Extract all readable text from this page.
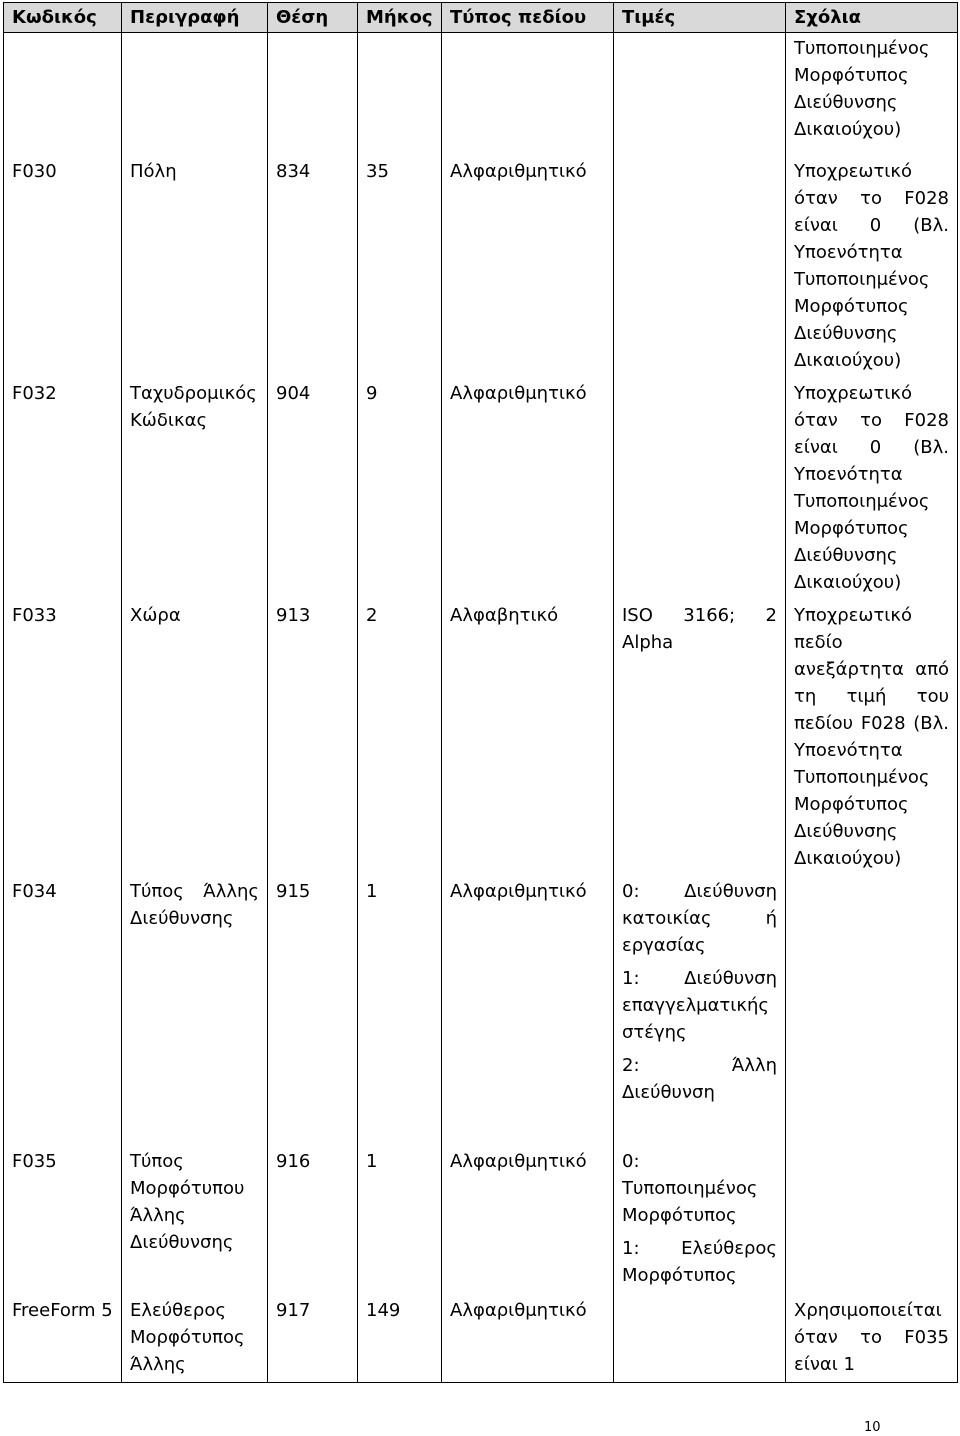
Κωδικός	Περιγραφή	Θέση	Μήκος	Τύπος πεδίου	Τιμές	Σχόλια
						Τυποποιημένος Μορφότυπος Διεύθυνσης Δικαιούχου)
F030	Πόλη	834	35	Αλφαριθμητικό		Υποχρεωτικό όταν το F028 είναι 0 (Βλ. Υποενότητα Τυποποιημένος Μορφότυπος Διεύθυνσης Δικαιούχου)
F032	Ταχυδρομικός Κώδικας	904	9	Αλφαριθμητικό		Υποχρεωτικό όταν το F028 είναι 0 (Βλ. Υποενότητα Τυποποιημένος Μορφότυπος Διεύθυνσης Δικαιούχου)
F033	Χώρα	913	2	Αλφαβητικό	ISO 3166; 2 Alpha	Υποχρεωτικό πεδίο ανεξάρτητα από τη τιμή του πεδίου F028 (Βλ. Υποενότητα Τυποποιημένος Μορφότυπος Διεύθυνσης Δικαιούχου)
F034	Τύπος Άλλης Διεύθυνσης	915	1	Αλφαριθμητικό	0: Διεύθυνση κατοικίας ή εργασίας

1: Διεύθυνση επαγγελματικής στέγης

2: Άλλη Διεύθυνση	

F035	Τύπος Μορφότυπου Άλλης Διεύθυνσης	916	1	Αλφαριθμητικό	0: Τυποποιημένος Μορφότυπος

1: Ελεύθερος Μορφότυπος	

FreeForm 5	Ελεύθερος Μορφότυπος Άλλης	917	149	Αλφαριθμητικό		Χρησιμοποιείται όταν το F035 είναι 1
10
